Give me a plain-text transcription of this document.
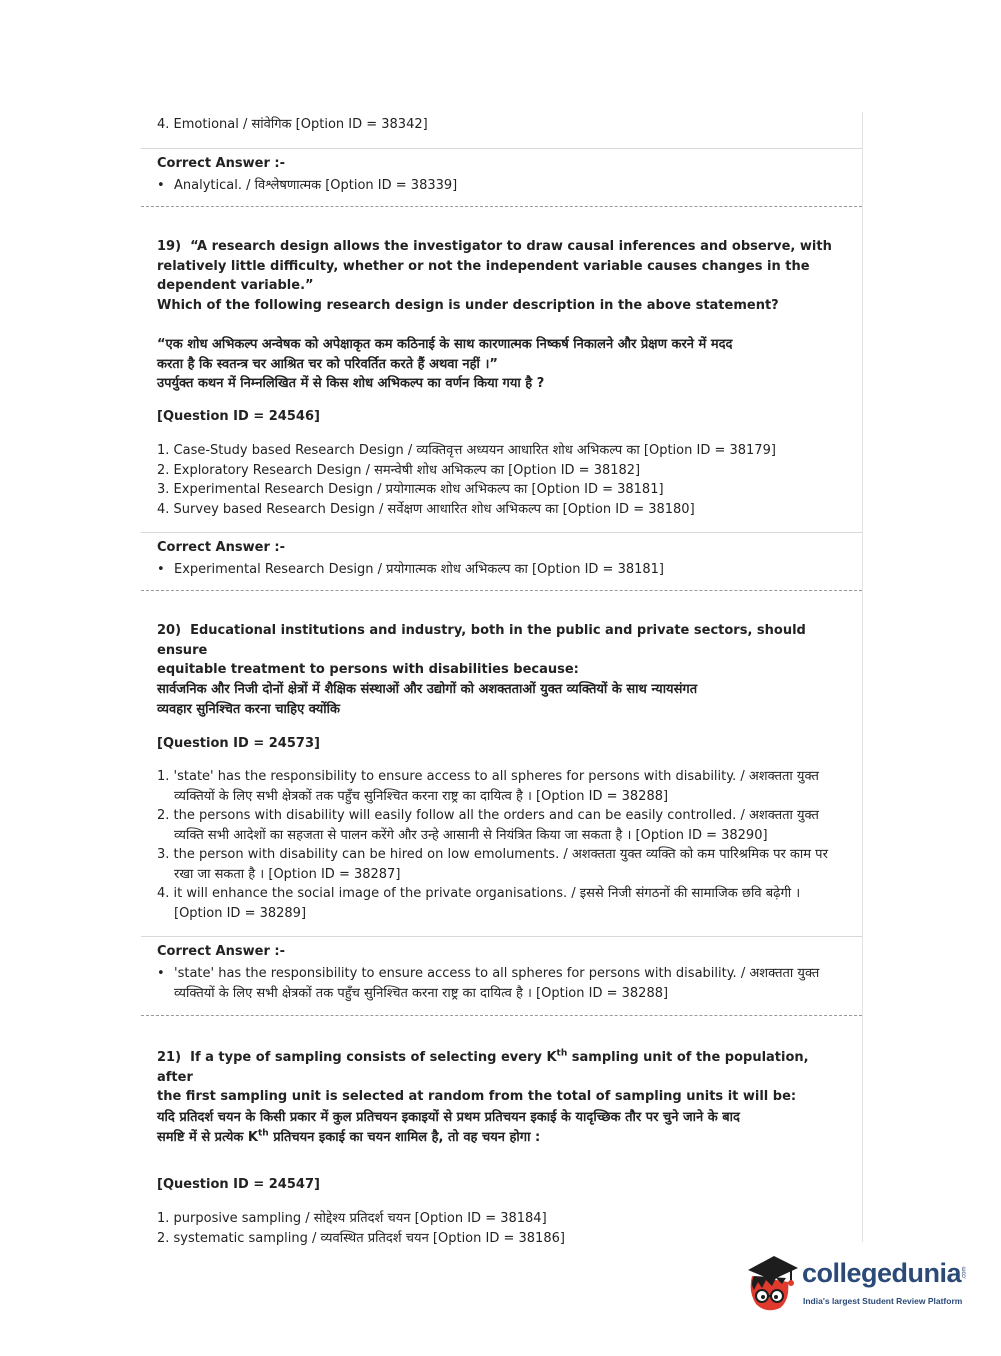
4. Emotional / सांवेगिक [Option ID = 38342]
Correct Answer :-
• Analytical. / विश्लेषणात्मक [Option ID = 38339]
19) “A research design allows the investigator to draw causal inferences and observe, with
relatively little difficulty, whether or not the independent variable causes changes in the
dependent variable.”
Which of the following research design is under description in the above statement?
“एक शोध अभिकल्प अन्वेषक को अपेक्षाकृत कम कठिनाई के साथ कारणात्मक निष्कर्ष निकालने और प्रेक्षण करने में मदद
करता है कि स्वतन्त्र चर आश्रित चर को परिवर्तित करते हैं अथवा नहीं ।”
उपर्युक्त कथन में निम्नलिखित में से किस शोध अभिकल्प का वर्णन किया गया है ?
[Question ID = 24546]
1. Case-Study based Research Design / व्यक्तिवृत्त अध्ययन आधारित शोध अभिकल्प का [Option ID = 38179]
2. Exploratory Research Design / समन्वेषी शोध अभिकल्प का [Option ID = 38182]
3. Experimental Research Design / प्रयोगात्मक शोध अभिकल्प का [Option ID = 38181]
4. Survey based Research Design / सर्वेक्षण आधारित शोध अभिकल्प का [Option ID = 38180]
Correct Answer :-
• Experimental Research Design / प्रयोगात्मक शोध अभिकल्प का [Option ID = 38181]
20) Educational institutions and industry, both in the public and private sectors, should ensure
equitable treatment to persons with disabilities because:
सार्वजनिक और निजी दोनों क्षेत्रों में शैक्षिक संस्थाओं और उद्योगों को अशक्तताओं युक्त व्यक्तियों के साथ न्यायसंगत
व्यवहार सुनिश्चित करना चाहिए क्योंकि
[Question ID = 24573]
1. 'state' has the responsibility to ensure access to all spheres for persons with disability. / अशक्तता युक्त व्यक्तियों के लिए सभी क्षेत्रकों तक पहुँच सुनिश्चित करना राष्ट्र का दायित्व है । [Option ID = 38288]
2. the persons with disability will easily follow all the orders and can be easily controlled. / अशक्तता युक्त व्यक्ति सभी आदेशों का सहजता से पालन करेंगे और उन्हे आसानी से नियंत्रित किया जा सकता है । [Option ID = 38290]
3. the person with disability can be hired on low emoluments. / अशक्तता युक्त व्यक्ति को कम पारिश्रमिक पर काम पर रखा जा सकता है । [Option ID = 38287]
4. it will enhance the social image of the private organisations. / इससे निजी संगठनों की सामाजिक छवि बढ़ेगी । [Option ID = 38289]
Correct Answer :-
• 'state' has the responsibility to ensure access to all spheres for persons with disability. / अशक्तता युक्त व्यक्तियों के लिए सभी क्षेत्रकों तक पहुँच सुनिश्चित करना राष्ट्र का दायित्व है । [Option ID = 38288]
21) If a type of sampling consists of selecting every $K^{th}$ sampling unit of the population, after
the first sampling unit is selected at random from the total of sampling units it will be:
यदि प्रतिदर्श चयन के किसी प्रकार में कुल प्रतिचयन इकाइयों से प्रथम प्रतिचयन इकाई के यादृच्छिक तौर पर चुने जाने के बाद
समष्टि में से प्रत्येक $K^{th}$ प्रतिचयन इकाई का चयन शामिल है, तो वह चयन होगा :
[Question ID = 24547]
1. purposive sampling / सोद्देश्य प्रतिदर्श चयन [Option ID = 38184]
2. systematic sampling / व्यवस्थित प्रतिदर्श चयन [Option ID = 38186]
collegedunia .com
India's largest Student Review Platform
